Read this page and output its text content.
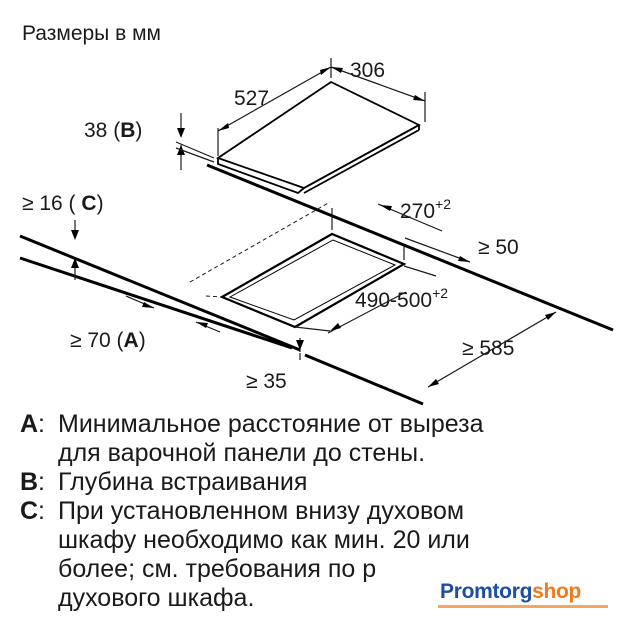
Размеры в мм
527
306
38 (B)
$270^{+2}$
≥ 50
≥ 16 ( C)
$490-500^{+2}$
≥ 70 (A)
≥ 35
≥ 585
A : Минимальное расстояние от выреза
для варочной панели до стены.
B : Глубина встраивания
C : При установленном внизу духовом
шкафу необходимо как мин. 20 или
более; см. требования по р
духового шкафа.	Promtorgshop
